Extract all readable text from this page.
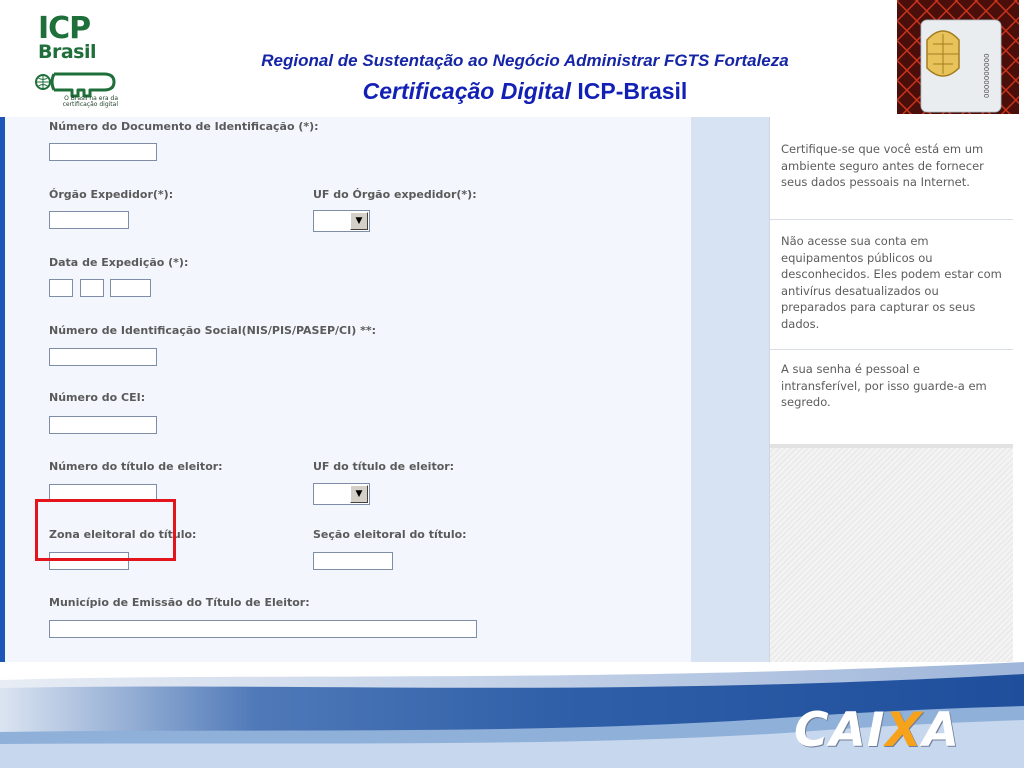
ICP
Brasil
O Brasil na era da certificação digital
Regional de Sustentação ao Negócio Administrar FGTS Fortaleza
Certificação Digital ICP-Brasil	0000000000
Número do Documento de Identificação (*):
Órgão Expedidor(*):	UF do Órgão expedidor(*):
▼
Data de Expedição (*):
Número de Identificação Social(NIS/PIS/PASEP/CI) **:
Número do CEI:
Número do título de eleitor:	UF do título de eleitor:
▼
Zona eleitoral do título:	Seção eleitoral do título:
Município de Emissão do Título de Eleitor:
Certifique-se que você está em um ambiente seguro antes de fornecer seus dados pessoais na Internet.
Não acesse sua conta em equipamentos públicos ou desconhecidos. Eles podem estar com antivírus desatualizados ou preparados para capturar os seus dados.
A sua senha é pessoal e intransferível, por isso guarde-a em segredo.
CAIXA
